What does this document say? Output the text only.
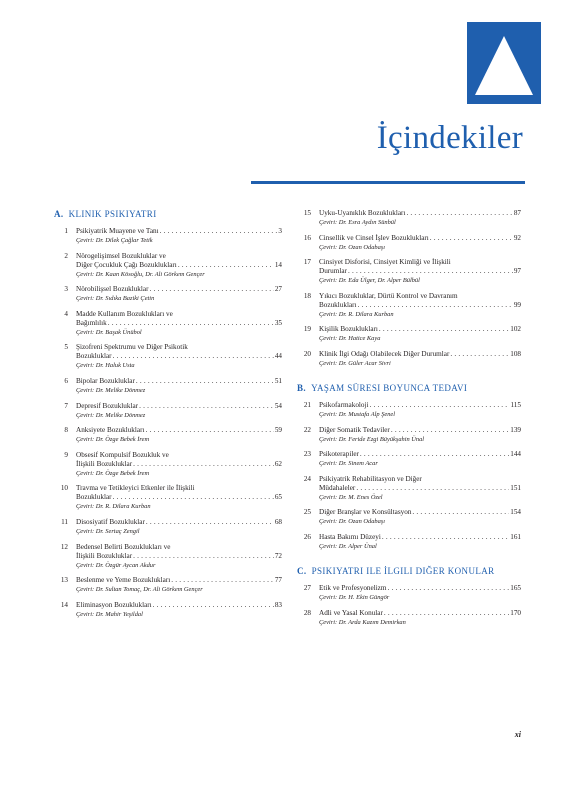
İçindekiler
A. KLINIK PSIKIYATRI
1 Psikiyatrik Muayene ve Tanı . . .	3
Çeviri: Dr. Dilek Çağlar Tetik
2 Nörogelişimsel Bozukluklar ve
Diğer Çocukluk Çağı Bozuklukları . . .	14
Çeviri: Dr. Kaan Kösoğlu, Dr. Ali Görkem Gençer
3 Nörobilişsel Bozukluklar . . .	27
Çeviri: Dr. Sıdıka Baziki Çetin
4 Madde Kullanım Bozuklukları ve
Bağımlılık . . .	35
Çeviri: Dr. Başak Ünübol
5 Şizofreni Spektrumu ve Diğer Psikotik
Bozukluklar . . .	44
Çeviri: Dr. Haluk Usta
6 Bipolar Bozukluklar . . .	51
Çeviri: Dr. Melike Dönmez
7 Depresif Bozukluklar . . .	54
Çeviri: Dr. Melike Dönmez
8 Anksiyete Bozuklukları . . .	59
Çeviri: Dr. Özge Bebek İrem
9 Obsesif Kompulsif Bozukluk ve
İlişkili Bozukluklar . . .	62
Çeviri: Dr. Özge Bebek İrem
10 Travma ve Tetikleyici Etkenler ile İlişkili
Bozukluklar . . .	65
Çeviri: Dr. R. Dilara Kurban
11 Disosiyatif Bozukluklar . . .	68
Çeviri: Dr. Sertaç Zengil
12 Bedensel Belirti Bozuklukları ve
İlişkili Bozukluklar . . .	72
Çeviri: Dr. Özgür Aycan Akdur
13 Beslenme ve Yeme Bozuklukları . . .	77
Çeviri: Dr. Sultan Tomaç, Dr. Ali Görkem Gençer
14 Eliminasyon Bozuklukları . . .	83
Çeviri: Dr. Mahir Yeşildal
15 Uyku-Uyanıklık Bozuklukları . . .	87
Çeviri: Dr. Esra Aydın Sünbül
16 Cinsellik ve Cinsel İşlev Bozuklukları . . .	92
Çeviri: Dr. Ozan Odabaşı
17 Cinsiyet Disforisi, Cinsiyet Kimliği ve İlişkili
Durumlar . . .	97
Çeviri: Dr. Eda Ülger, Dr. Alper Bülbül
18 Yıkıcı Bozukluklar, Dürtü Kontrol ve Davranım
Bozuklukları . . .	99
Çeviri: Dr. R. Dilara Kurban
19 Kişilik Bozuklukları . . .	102
Çeviri: Dr. Hatice Kaya
20 Klinik İlgi Odağı Olabilecek Diğer Durumlar . . .	108
Çeviri: Dr. Güler Acar Sivri
B. YAŞAM SÜRESI BOYUNCA TEDAVI
21 Psikofarmakoloji . . .	115
Çeviri: Dr. Mustafa Alp Şenel
22 Diğer Somatik Tedaviler . . .	139
Çeviri: Dr. Feride Ezgi Büyükşahin Ünal
23 Psikoterapiler . . .	144
Çeviri: Dr. Sinem Acar
24 Psikiyatrik Rehabilitasyon ve Diğer
Müdahaleler . . .	151
Çeviri: Dr. M. Enes Özel
25 Diğer Branşlar ve Konsültasyon . . .	154
Çeviri: Dr. Ozan Odabaşı
26 Hasta Bakımı Düzeyi . . .	161
Çeviri: Dr. Alper Ünal
C. PSIKIYATRI ILE İLGILI DIĞER KONULAR
27 Etik ve Profesyonelizm . . .	165
Çeviri: Dr. H. Ekin Güngör
28 Adli ve Yasal Konular . . .	170
Çeviri: Dr. Arda Kazım Demirkan
xi
